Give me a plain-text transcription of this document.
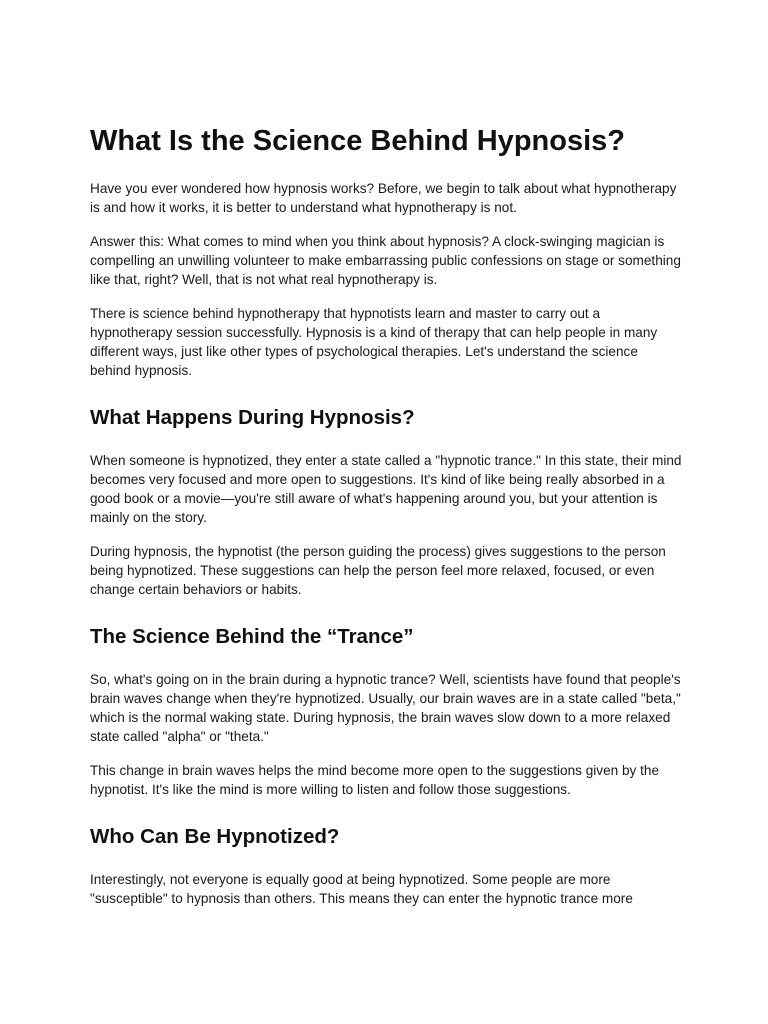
What Is the Science Behind Hypnosis?

Have you ever wondered how hypnosis works? Before, we begin to talk about what hypnotherapy is and how it works, it is better to understand what hypnotherapy is not.

Answer this: What comes to mind when you think about hypnosis? A clock-swinging magician is compelling an unwilling volunteer to make embarrassing public confessions on stage or something like that, right? Well, that is not what real hypnotherapy is.

There is science behind hypnotherapy that hypnotists learn and master to carry out a hypnotherapy session successfully. Hypnosis is a kind of therapy that can help people in many different ways, just like other types of psychological therapies. Let's understand the science behind hypnosis.

What Happens During Hypnosis?

When someone is hypnotized, they enter a state called a "hypnotic trance." In this state, their mind becomes very focused and more open to suggestions. It's kind of like being really absorbed in a good book or a movie—you're still aware of what's happening around you, but your attention is mainly on the story.

During hypnosis, the hypnotist (the person guiding the process) gives suggestions to the person being hypnotized. These suggestions can help the person feel more relaxed, focused, or even change certain behaviors or habits.

The Science Behind the “Trance”

So, what's going on in the brain during a hypnotic trance? Well, scientists have found that people's brain waves change when they're hypnotized. Usually, our brain waves are in a state called "beta," which is the normal waking state. During hypnosis, the brain waves slow down to a more relaxed state called "alpha" or "theta."

This change in brain waves helps the mind become more open to the suggestions given by the hypnotist. It's like the mind is more willing to listen and follow those suggestions.

Who Can Be Hypnotized?

Interestingly, not everyone is equally good at being hypnotized. Some people are more "susceptible" to hypnosis than others. This means they can enter the hypnotic trance more
